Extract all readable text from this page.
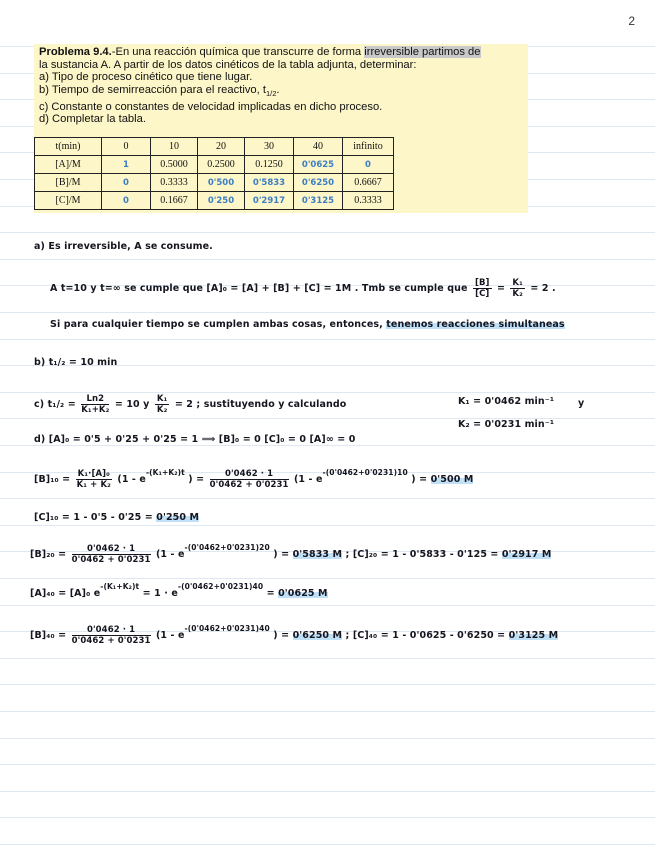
2
Problema 9.4.-En una reacción química que transcurre de forma irreversible partimos de
la sustancia A. A partir de los datos cinéticos de la tabla adjunta, determinar:
a) Tipo de proceso cinético que tiene lugar.
b) Tiempo de semirreacción para el reactivo, $t_{1/2}$.
c) Constante o constantes de velocidad implicadas en dicho proceso.
d) Completar la tabla.
t(min)	0	10	20	30	40	infinito
[A]/M	1	0.5000	0.2500	0.1250	0'0625	0
[B]/M	0	0.3333	0'500	0'5833	0'6250	0.6667
[C]/M	0	0.1667	0'250	0'2917	0'3125	0.3333
a) Es irreversible, A se consume.
A t=10 y t=∞ se cumple que [A]₀ = [A] + [B] + [C] = 1M . Tmb se cumple que $\frac{[B]}{[C]} = \frac{\text{K₁}}{\text{K₂}} = 2$ .
Si para cualquier tiempo se cumplen ambas cosas, entonces, tenemos reacciones simultaneas
b) t₁/₂ = 10 min
c) $t_1/_2 = \frac{Ln2}{\text{K₁+K₂}} = 10$ y $\frac{\text{K₁}}{\text{K₂}} = 2$ ; sustituyendo y calculando	K₁ = 0'0462 min⁻¹	y
K₂ = 0'0231 min⁻¹
d) [A]₀ = 0'5 + 0'25 + 0'25 = 1 ⟹ [B]₀ = 0 [C]₀ = 0 [A]∞ = 0
$[B]_{10} = \frac{\text{K₁·[A]₀}}{\text{K₁ + K₂}} (1 - e^{-(K_1+K_2)t}$ ) = $\frac{0'0462 \cdot 1}{0'0462 + 0'0231} (1 - e^{-(0'0462+0'0231)10}$ ) = 0'500 M
[C]₁₀ = 1 - 0'5 - 0'25 = 0'250 M
$[B]_{20} = \frac{0'0462 \cdot 1}{0'0462 + 0'0231} (1 - e^{-(0'0462+0'0231)20}$ ) = 0'5833 M ; [C]₂₀ = 1 - 0'5833 - 0'125 = 0'2917 M
[A]₄₀ = [A]₀ $e^{-(K_1+K_2)t} = 1 \cdot e^{-(0'0462+0'0231)40} = 0'0625$ M
$[B]_{40} = \frac{0'0462 \cdot 1}{0'0462 + 0'0231} (1 - e^{-(0'0462+0'0231)40}$ ) = 0'6250 M ; [C]₄₀ = 1 - 0'0625 - 0'6250 = 0'3125 M
